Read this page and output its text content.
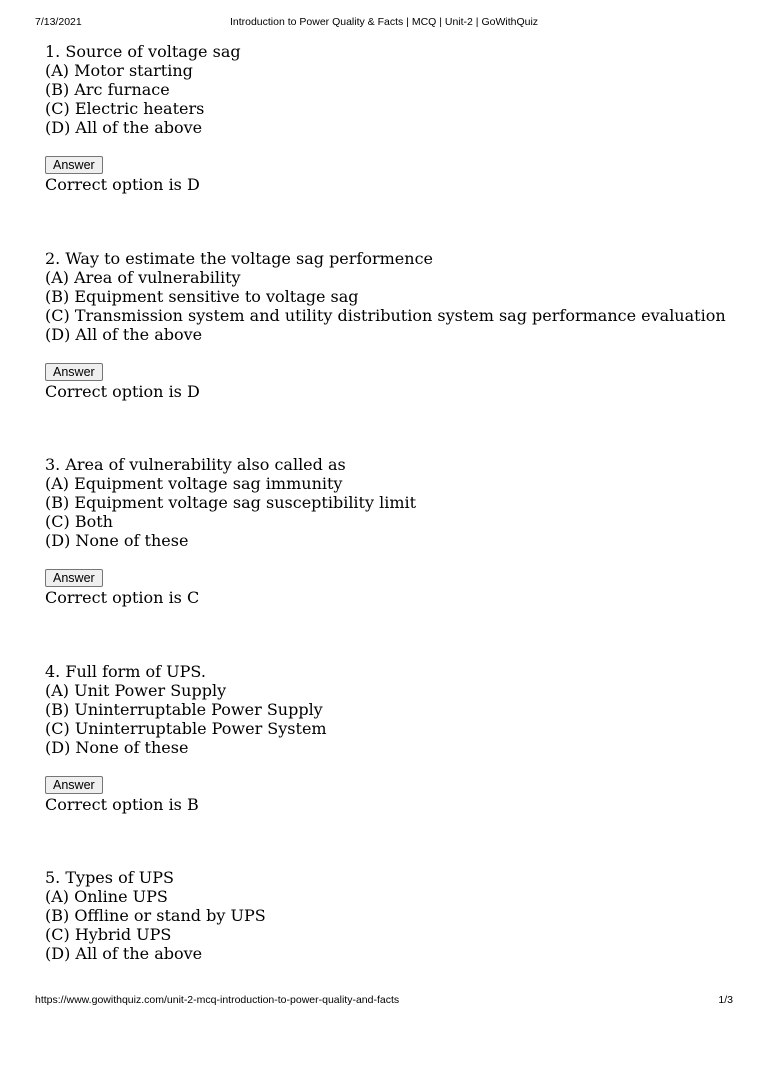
7/13/2021	Introduction to Power Quality & Facts | MCQ | Unit-2 | GoWithQuiz
1. Source of voltage sag
(A) Motor starting
(B) Arc furnace
(C) Electric heaters
(D) All of the above
Answer
Correct option is D
2. Way to estimate the voltage sag performence
(A) Area of vulnerability
(B) Equipment sensitive to voltage sag
(C) Transmission system and utility distribution system sag performance evaluation
(D) All of the above
Answer
Correct option is D
3. Area of vulnerability also called as
(A) Equipment voltage sag immunity
(B) Equipment voltage sag susceptibility limit
(C) Both
(D) None of these
Answer
Correct option is C
4. Full form of UPS.
(A) Unit Power Supply
(B) Uninterruptable Power Supply
(C) Uninterruptable Power System
(D) None of these
Answer
Correct option is B
5. Types of UPS
(A) Online UPS
(B) Offline or stand by UPS
(C) Hybrid UPS
(D) All of the above
https://www.gowithquiz.com/unit-2-mcq-introduction-to-power-quality-and-facts	1/3
